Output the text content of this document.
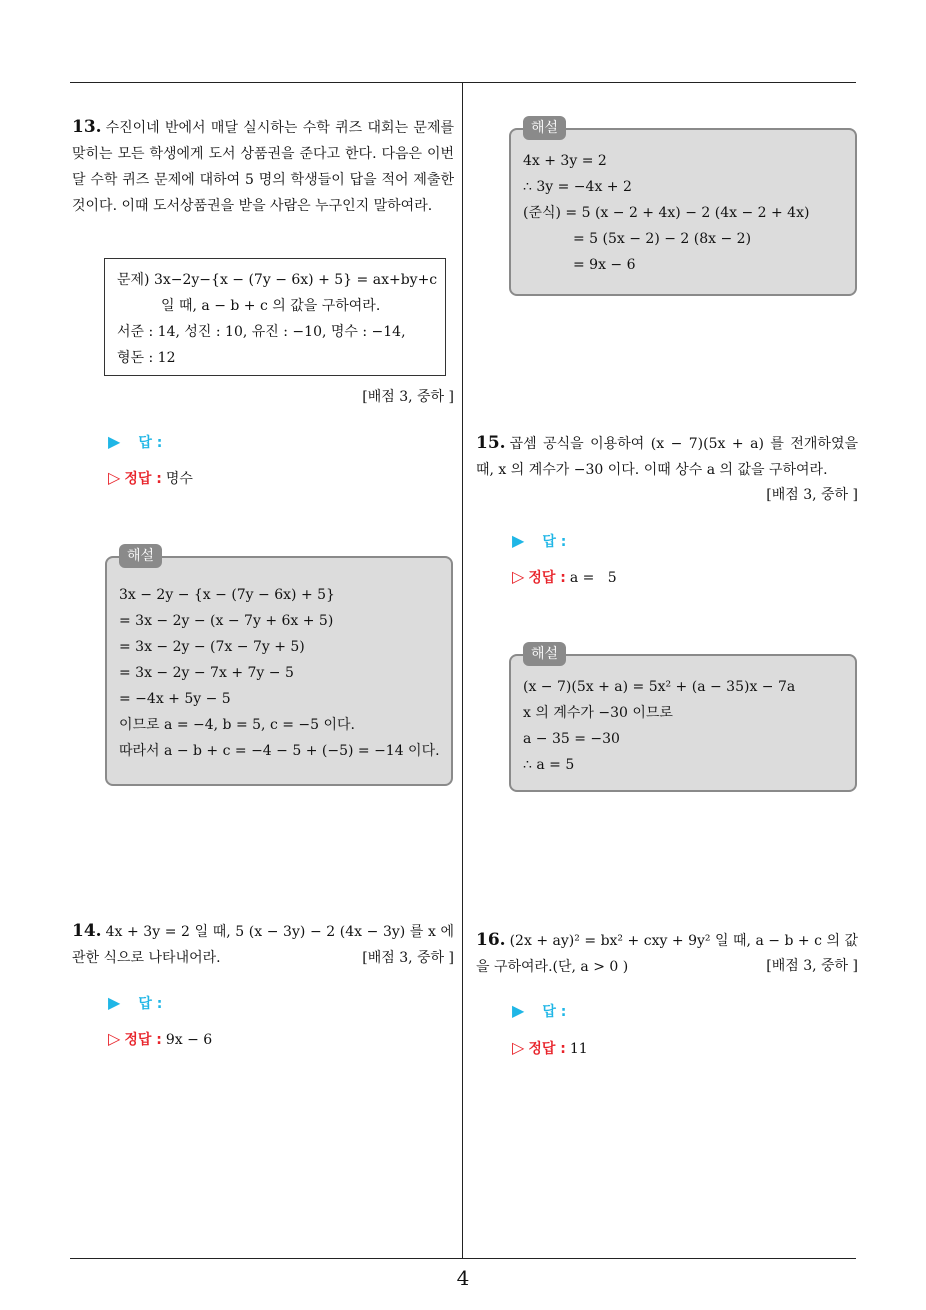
13. 수진이네 반에서 매달 실시하는 수학 퀴즈 대회는 문제를 맞히는 모든 학생에게 도서 상품권을 준다고 한다. 다음은 이번 달 수학 퀴즈 문제에 대하여 5 명의 학생들이 답을 적어 제출한 것이다. 이때 도서상품권을 받을 사람은 누구인지 말하여라.
문제) 3x−2y−{x − (7y − 6x) + 5} = ax+by+c
일 때, a − b + c 의 값을 구하여라.
서준 : 14, 성진 : 10, 유진 : −10, 명수 : −14,
형돈 : 12
[배점 3, 중하 ]
▶ 답 :
▷ 정답 : 명수
해설
3x − 2y − {x − (7y − 6x) + 5}
= 3x − 2y − (x − 7y + 6x + 5)
= 3x − 2y − (7x − 7y + 5)
= 3x − 2y − 7x + 7y − 5
= −4x + 5y − 5
이므로 a = −4, b = 5, c = −5 이다.
따라서 a − b + c = −4 − 5 + (−5) = −14 이다.
14. 4x + 3y = 2 일 때, 5 (x − 3y) − 2 (4x − 3y) 를 x 에 관한 식으로 나타내어라.	[배점 3, 중하 ]
▶ 답 :
▷ 정답 : 9x − 6
해설
4x + 3y = 2
∴ 3y = −4x + 2
(준식) = 5 (x − 2 + 4x) − 2 (4x − 2 + 4x)
= 5 (5x − 2) − 2 (8x − 2)
= 9x − 6
15. 곱셈 공식을 이용하여 (x − 7)(5x + a) 를 전개하였을 때, x 의 계수가 −30 이다. 이때 상수 a 의 값을 구하여라.
[배점 3, 중하 ]
▶ 답 :
▷ 정답 : a =   5
해설
(x − 7)(5x + a) = 5x² + (a − 35)x − 7a
x 의 계수가 −30 이므로
a − 35 = −30
∴ a = 5
16. (2x + ay)² = bx² + cxy + 9y² 일 때, a − b + c 의 값을 구하여라.(단, a > 0 )	[배점 3, 중하 ]
▶ 답 :
▷ 정답 : 11
4
